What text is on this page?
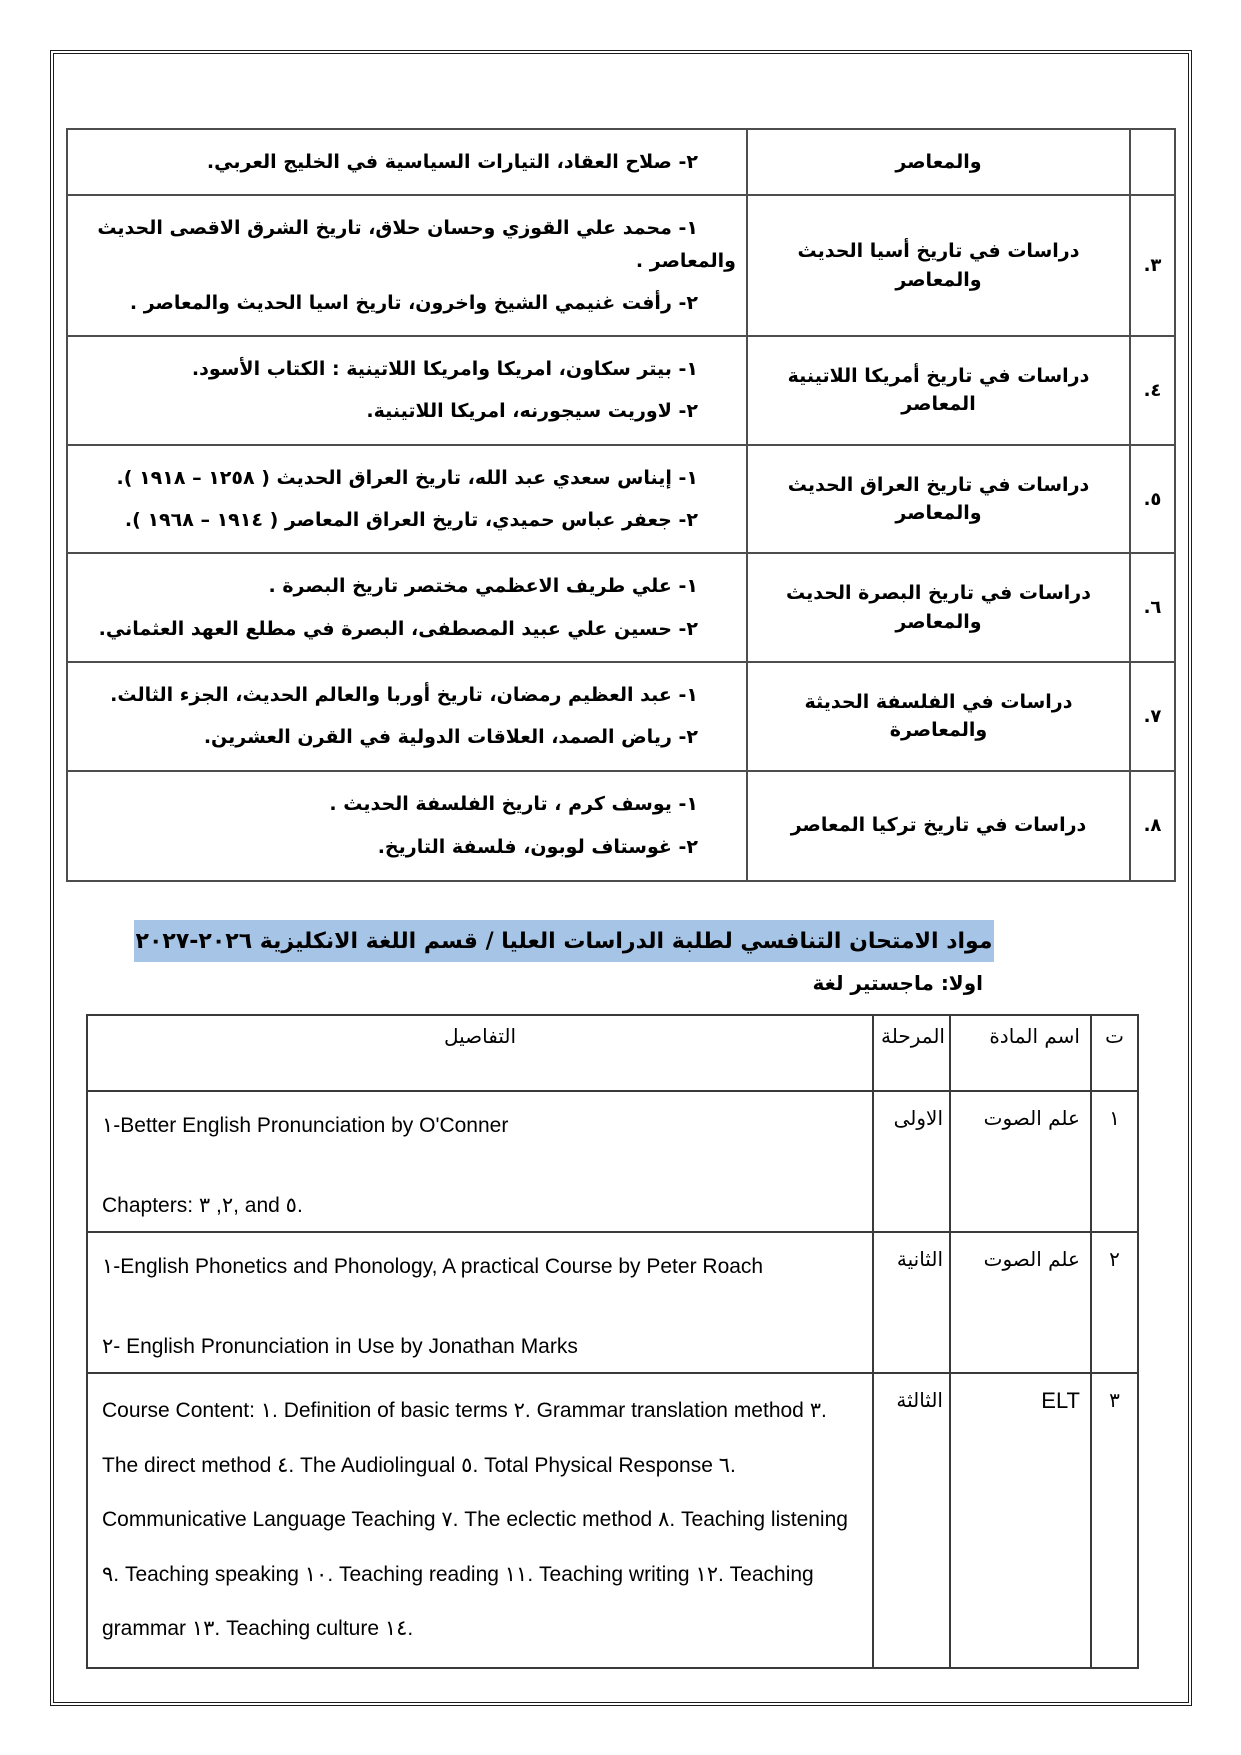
	والمعاصر	٢- صلاح العقاد، التيارات السياسية في الخليج العربي.

٣.	دراسات في تاريخ أسيا الحديث والمعاصر	١- محمد علي القوزي وحسان حلاق، تاريخ الشرق الاقصى الحديث والمعاصر .

٢- رأفت غنيمي الشيخ واخرون، تاريخ اسيا الحديث والمعاصر .

٤.	دراسات في تاريخ أمريكا اللاتينية المعاصر	١- بيتر سكاون، امريكا وامريكا اللاتينية : الكتاب الأسود.

٢- لاوريت سيجورنه، امريكا اللاتينية.

٥.	دراسات في تاريخ العراق الحديث والمعاصر	١- إيناس سعدي عبد الله، تاريخ العراق الحديث ( ١٢٥٨ – ١٩١٨ ).

٢- جعفر عباس حميدي، تاريخ العراق المعاصر ( ١٩١٤ – ١٩٦٨ ).

٦.	دراسات في تاريخ البصرة الحديث والمعاصر	١- علي طريف الاعظمي مختصر تاريخ البصرة .

٢- حسين علي عبيد المصطفى، البصرة في مطلع العهد العثماني.

٧.	دراسات في الفلسفة الحديثة والمعاصرة	١- عبد العظيم رمضان، تاريخ أوربا والعالم الحديث، الجزء الثالث.

٢- رياض الصمد، العلاقات الدولية في القرن العشرين.

٨.	دراسات في تاريخ تركيا المعاصر	١- يوسف كرم ، تاريخ الفلسفة الحديث .

٢- غوستاف لوبون، فلسفة التاريخ.

مواد الامتحان التنافسي لطلبة الدراسات العليا / قسم اللغة الانكليزية ٢٠٢٦-٢٠٢٧
اولا: ماجستير لغة
ت	اسم المادة	المرحلة	التفاصيل
١	علم الصوت	الاولى	١-Better English Pronunciation by O'Conner

Chapters: ٢, ٣, and ٥.

٢	علم الصوت	الثانية	١-English Phonetics and Phonology, A practical Course by Peter Roach

٢- English Pronunciation in Use by Jonathan Marks

٣	ELT	الثالثة	Course Content: ١. Definition of basic terms ٢. Grammar translation method ٣. The direct method ٤. The Audiolingual ٥. Total Physical Response ٦. Communicative Language Teaching ٧. The eclectic method ٨. Teaching listening ٩. Teaching speaking ١٠. Teaching reading ١١. Teaching writing ١٢. Teaching grammar ١٣. Teaching culture ١٤.
